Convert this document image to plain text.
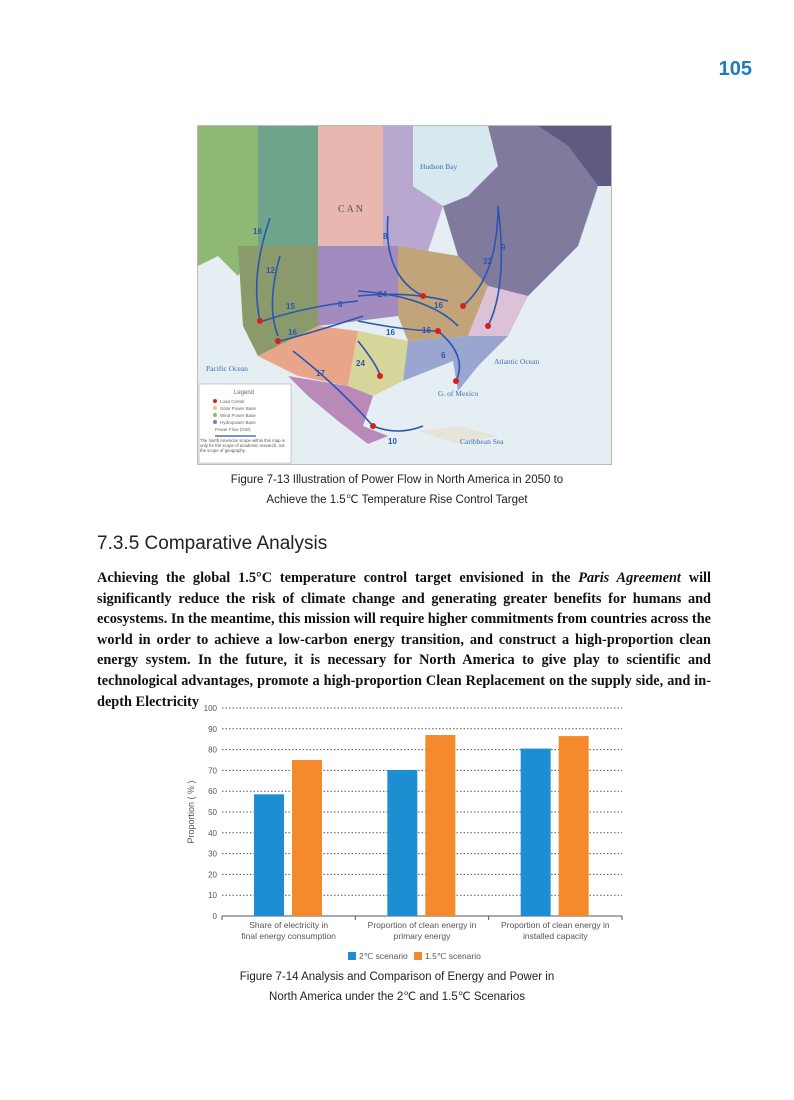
105
16
12
15
16
8
8
24
16
16	16
24
6
32
9
10
17
Hudson Bay
Pacific Ocean
Atlantic Ocean
G. of Mexico
Caribbean Sea
C A N
Legend
Load Center
Solar Power Base
Wind Power Base
Hydropower Base
Power Flow (GW)
The North American scope within this map is only for the scope of academic research, not the scope of geography.
Figure 7-13 Illustration of Power Flow in North America in 2050 to
Achieve the 1.5℃ Temperature Rise Control Target
7.3.5 Comparative Analysis
Achieving the global 1.5°C temperature control target envisioned in the Paris Agreement will significantly reduce the risk of climate change and generating greater benefits for humans and ecosystems. In the meantime, this mission will require higher commitments from countries across the world in order to achieve a low-carbon energy transition, and construct a high-proportion clean energy system. In the future, it is necessary for North America to give play to scientific and technological advantages, promote a high-proportion Clean Replacement on the supply side, and in-depth Electricity
0
10
20
30
40
50
60
70
80
90
100
Proportion ( % )
Share of electricity in
final energy consumption
Proportion of clean energy in
primary energy
Proportion of clean energy in
installed capacity
2℃ scenario 1.5℃ scenario
Figure 7-14 Analysis and Comparison of Energy and Power in
North America under the 2℃ and 1.5℃ Scenarios
